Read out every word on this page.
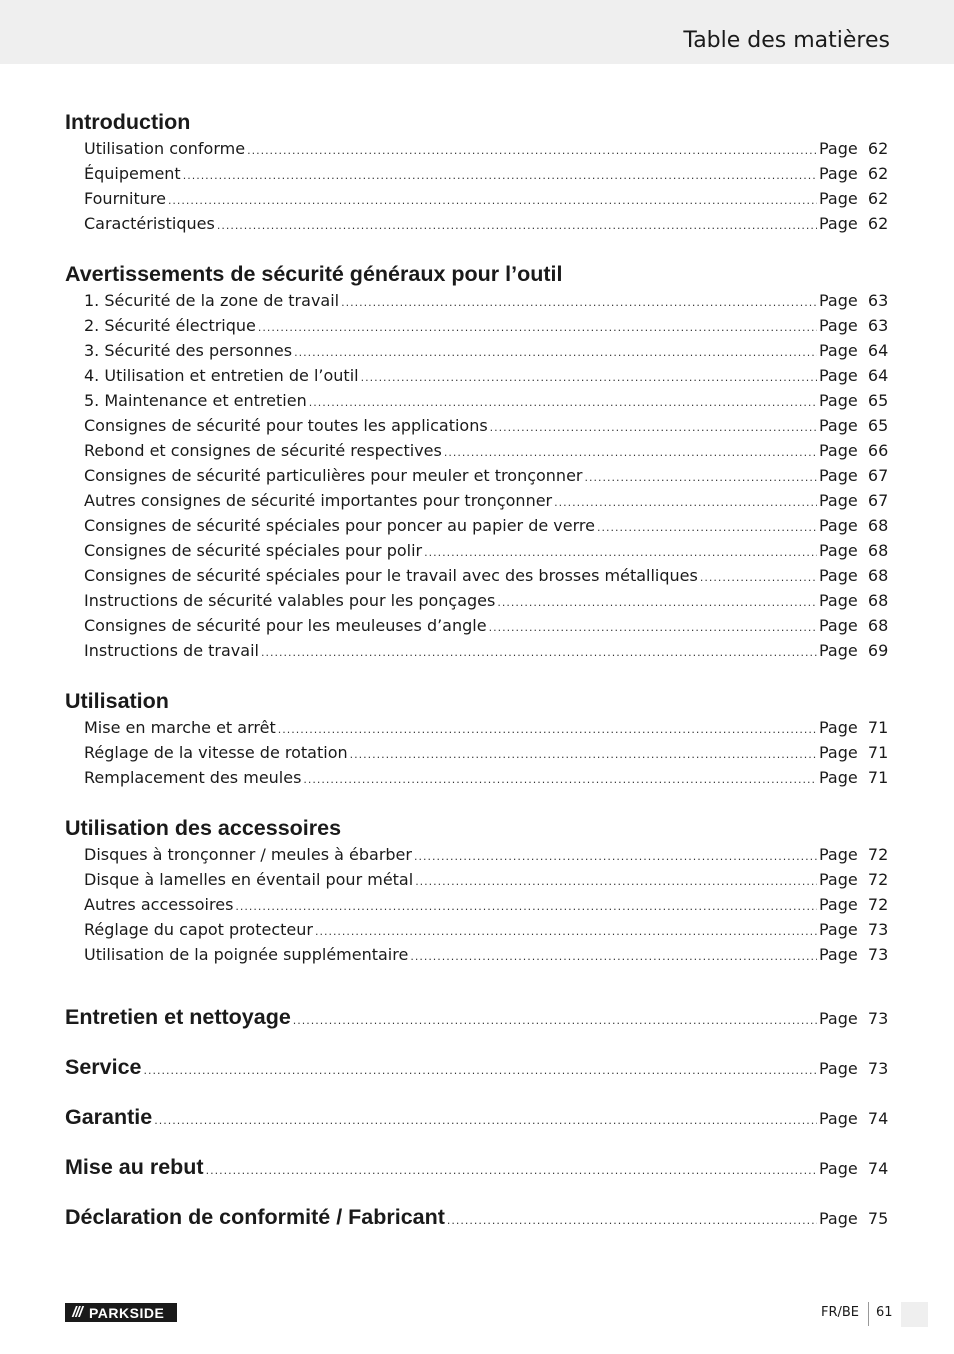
Table des matières
Introduction
Utilisation conforme .....	Page 62
Équipement .....	Page 62
Fourniture .....	Page 62
Caractéristiques .....	Page 62
Avertissements de sécurité généraux pour l’outil
1. Sécurité de la zone de travail .....	Page 63
2. Sécurité électrique .....	Page 63
3. Sécurité des personnes .....	Page 64
4. Utilisation et entretien de l’outil .....	Page 64
5. Maintenance et entretien .....	Page 65
Consignes de sécurité pour toutes les applications .....	Page 65
Rebond et consignes de sécurité respectives .....	Page 66
Consignes de sécurité particulières pour meuler et tronçonner .....	Page 67
Autres consignes de sécurité importantes pour tronçonner .....	Page 67
Consignes de sécurité spéciales pour poncer au papier de verre .....	Page 68
Consignes de sécurité spéciales pour polir .....	Page 68
Consignes de sécurité spéciales pour le travail avec des brosses métalliques .....	Page 68
Instructions de sécurité valables pour les ponçages .....	Page 68
Consignes de sécurité pour les meuleuses d’angle .....	Page 68
Instructions de travail .....	Page 69
Utilisation
Mise en marche et arrêt .....	Page 71
Réglage de la vitesse de rotation .....	Page 71
Remplacement des meules .....	Page 71
Utilisation des accessoires
Disques à tronçonner / meules à ébarber .....	Page 72
Disque à lamelles en éventail pour métal .....	Page 72
Autres accessoires .....	Page 72
Réglage du capot protecteur .....	Page 73
Utilisation de la poignée supplémentaire .....	Page 73
Entretien et nettoyage .....	Page 73
Service .....	Page 73
Garantie .....	Page 74
Mise au rebut .....	Page 74
Déclaration de conformité / Fabricant .....	Page 75
/// PARKSIDE	FR/BE 61
